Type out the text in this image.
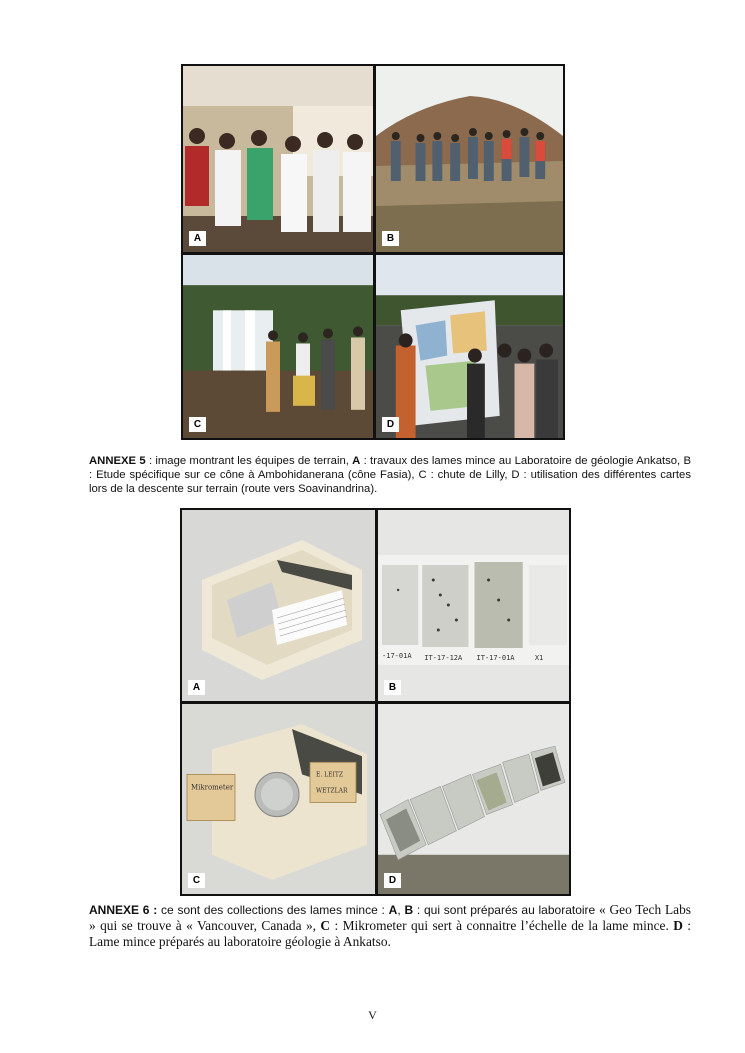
A	B
C	D
ANNEXE 5 : image montrant les équipes de terrain, A : travaux des lames mince au Laboratoire de géologie Ankatso, B : Etude spécifique sur ce cône à Ambohidanerana (cône Fasia), C : chute de Lilly, D : utilisation des différentes cartes lors de la descente sur terrain (route vers Soavinandrina).
A
-17-01A IT-17-12A IT-17-01A	X1
B
Mikrometer
E. LEITZ
WETZLAR
C	D
ANNEXE 6 : ce sont des collections des lames mince : A, B : qui sont préparés au laboratoire « Geo Tech Labs » qui se trouve à « Vancouver, Canada », C : Mikrometer qui sert à connaitre l’échelle de la lame mince. D : Lame mince préparés au laboratoire géologie à Ankatso.
V
